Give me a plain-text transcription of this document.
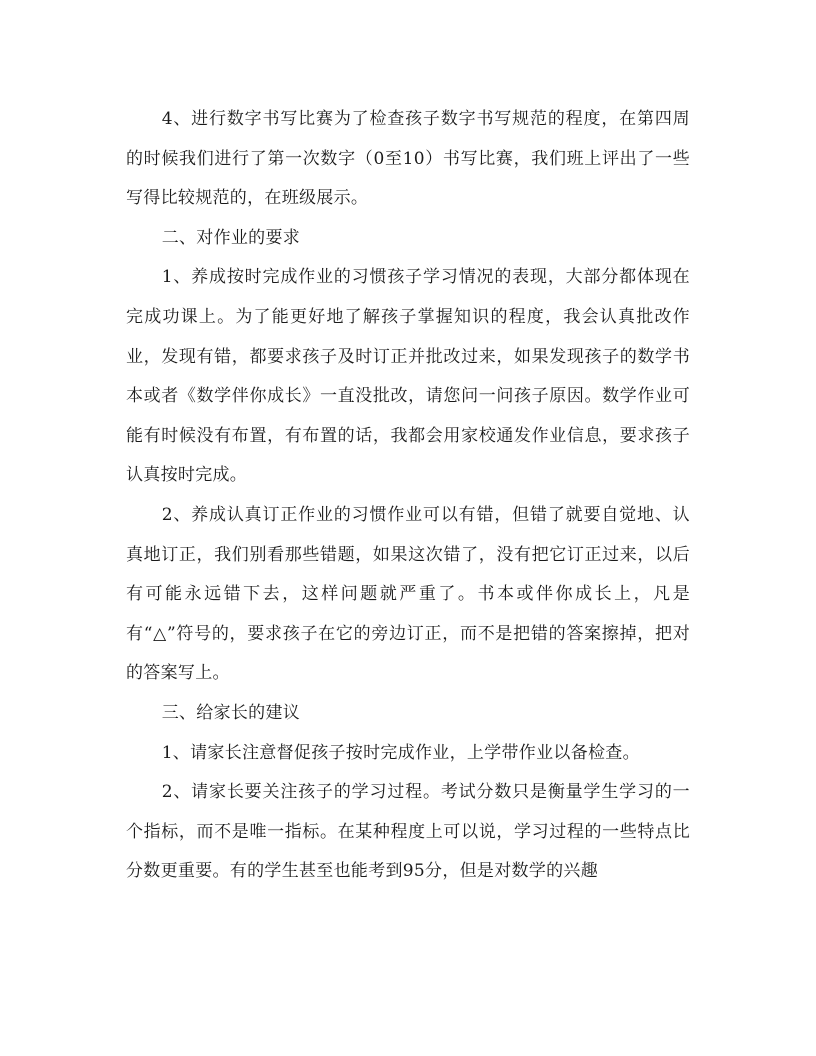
4、进行数字书写比赛为了检查孩子数字书写规范的程度，在第四周的时候我们进行了第一次数字（0至10）书写比赛，我们班上评出了一些写得比较规范的，在班级展示。

二、对作业的要求

1、养成按时完成作业的习惯孩子学习情况的表现，大部分都体现在完成功课上。为了能更好地了解孩子掌握知识的程度，我会认真批改作业，发现有错，都要求孩子及时订正并批改过来，如果发现孩子的数学书本或者《数学伴你成长》一直没批改，请您问一问孩子原因。数学作业可能有时候没有布置，有布置的话，我都会用家校通发作业信息，要求孩子认真按时完成。

2、养成认真订正作业的习惯作业可以有错，但错了就要自觉地、认真地订正，我们别看那些错题，如果这次错了，没有把它订正过来，以后有可能永远错下去，这样问题就严重了。书本或伴你成长上，凡是有“△”符号的，要求孩子在它的旁边订正，而不是把错的答案擦掉，把对的答案写上。

三、给家长的建议

1、请家长注意督促孩子按时完成作业，上学带作业以备检查。

2、请家长要关注孩子的学习过程。考试分数只是衡量学生学习的一个指标，而不是唯一指标。在某种程度上可以说，学习过程的一些特点比分数更重要。有的学生甚至也能考到95分，但是对数学的兴趣
